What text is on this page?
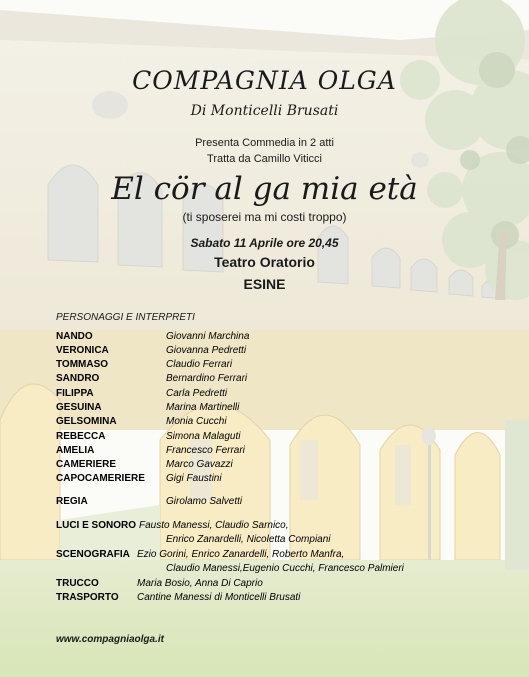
COMPAGNIA OLGA
Di Monticelli Brusati
Presenta Commedia in 2 atti
Tratta da Camillo Viticci
El cör al ga mia età
(ti sposerei ma mi costi troppo)
Sabato 11 Aprile ore 20,45
Teatro Oratorio
ESINE
PERSONAGGI E INTERPRETI
NANDO	Giovanni Marchina
VERONICA	Giovanna Pedretti
TOMMASO	Claudio Ferrari
SANDRO	Bernardino Ferrari
FILIPPA	Carla Pedretti
GESUINA	Marina Martinelli
GELSOMINA	Monia Cucchi
REBECCA	Simona Malaguti
AMELIA	Francesco Ferrari
CAMERIERE	Marco Gavazzi
CAPOCAMERIERE Gigi Faustini
REGIA	Girolamo Salvetti
LUCI E SONORO Fausto Manessi, Claudio Sarnico,
Enrico Zanardelli, Nicoletta Compiani
SCENOGRAFIA Ezio Gorini, Enrico Zanardelli, Roberto Manfra,
Claudio Manessi,Eugenio Cucchi, Francesco Palmieri
TRUCCO	Maria Bosio, Anna Di Caprio
TRASPORTO Cantine Manessi di Monticelli Brusati
www.compagniaolga.it
